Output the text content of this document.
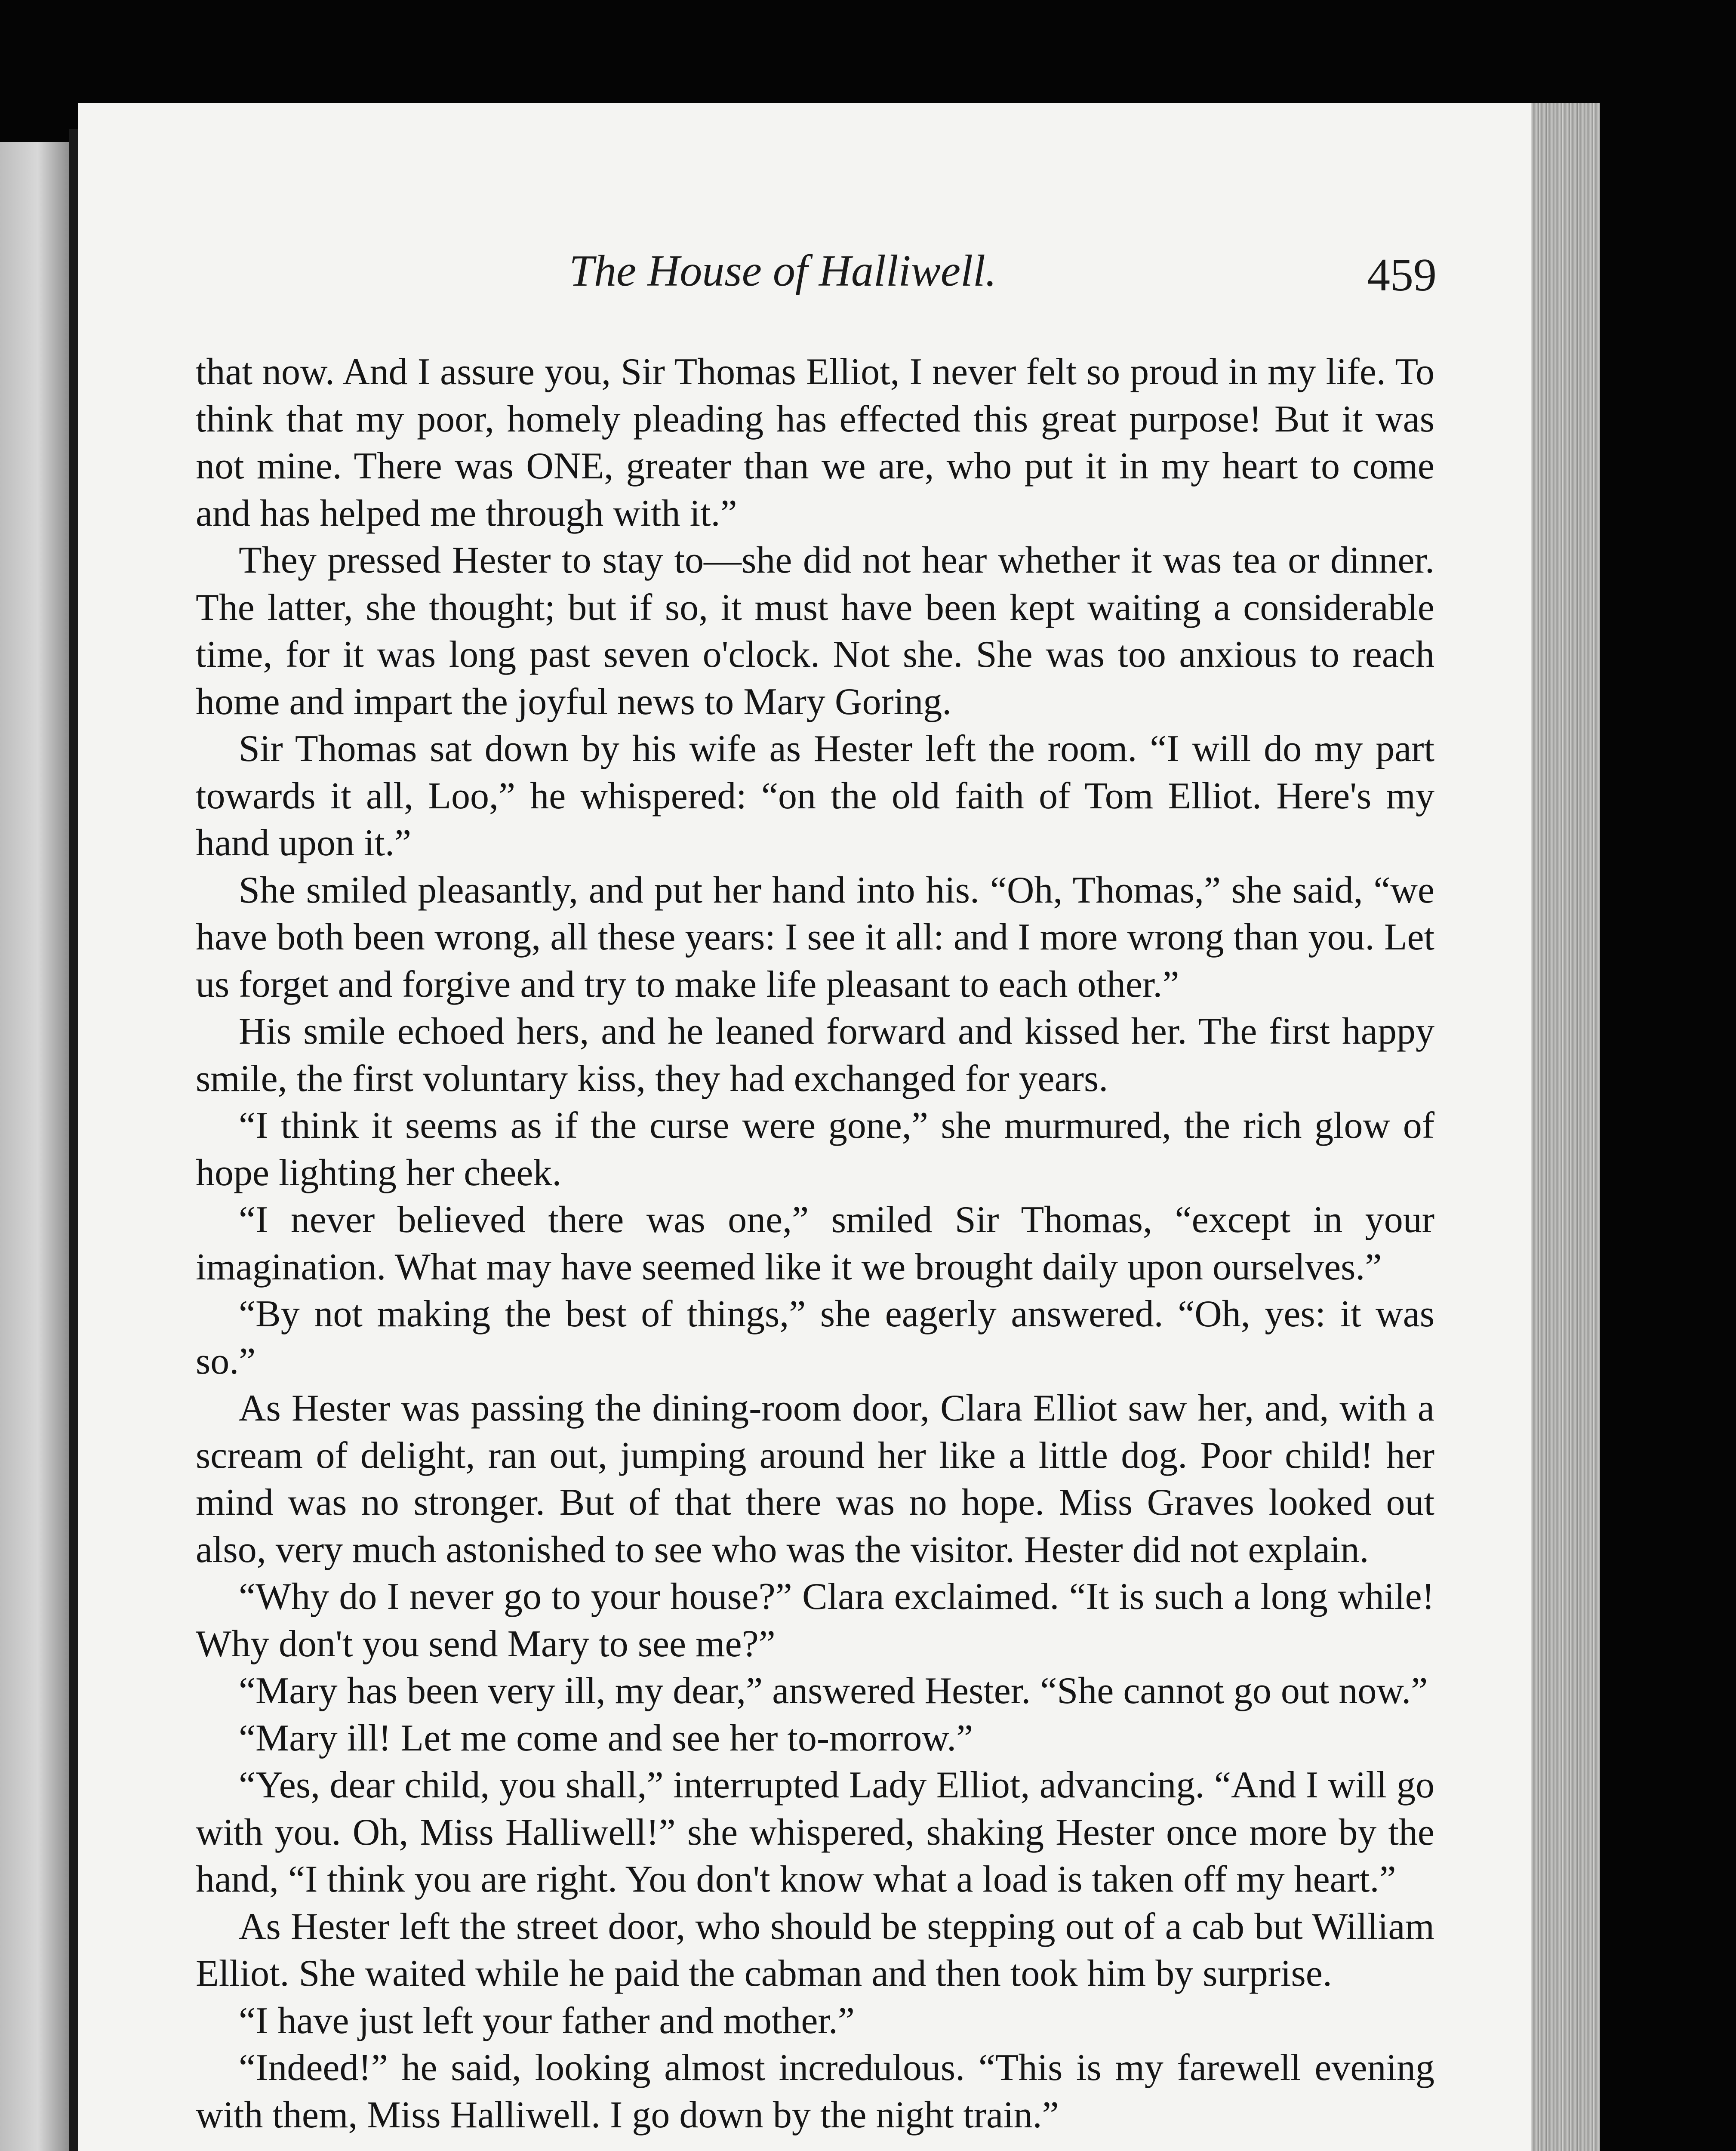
The House of Halliwell.	459

that now. And I assure you, Sir Thomas Elliot, I never felt so proud in my life. To think that my poor, homely pleading has effected this great purpose! But it was not mine. There was ONE, greater than we are, who put it in my heart to come and has helped me through with it.”

They pressed Hester to stay to—she did not hear whether it was tea or dinner. The latter, she thought; but if so, it must have been kept waiting a considerable time, for it was long past seven o'clock. Not she. She was too anxious to reach home and impart the joyful news to Mary Goring.

Sir Thomas sat down by his wife as Hester left the room. “I will do my part towards it all, Loo,” he whispered: “on the old faith of Tom Elliot. Here's my hand upon it.”

She smiled pleasantly, and put her hand into his. “Oh, Thomas,” she said, “we have both been wrong, all these years: I see it all: and I more wrong than you. Let us forget and forgive and try to make life pleasant to each other.”

His smile echoed hers, and he leaned forward and kissed her. The first happy smile, the first voluntary kiss, they had exchanged for years.

“I think it seems as if the curse were gone,” she murmured, the rich glow of hope lighting her cheek.

“I never believed there was one,” smiled Sir Thomas, “except in your imagination. What may have seemed like it we brought daily upon ourselves.”

“By not making the best of things,” she eagerly answered. “Oh, yes: it was so.”

As Hester was passing the dining-room door, Clara Elliot saw her, and, with a scream of delight, ran out, jumping around her like a little dog. Poor child! her mind was no stronger. But of that there was no hope. Miss Graves looked out also, very much astonished to see who was the visitor. Hester did not explain.

“Why do I never go to your house?” Clara exclaimed. “It is such a long while! Why don't you send Mary to see me?”

“Mary has been very ill, my dear,” answered Hester. “She cannot go out now.”

“Mary ill! Let me come and see her to-morrow.”

“Yes, dear child, you shall,” interrupted Lady Elliot, advancing. “And I will go with you. Oh, Miss Halliwell!” she whispered, shaking Hester once more by the hand, “I think you are right. You don't know what a load is taken off my heart.”

As Hester left the street door, who should be stepping out of a cab but William Elliot. She waited while he paid the cabman and then took him by surprise.

“I have just left your father and mother.”

“Indeed!” he said, looking almost incredulous. “This is my farewell evening with them, Miss Halliwell. I go down by the night train.”
